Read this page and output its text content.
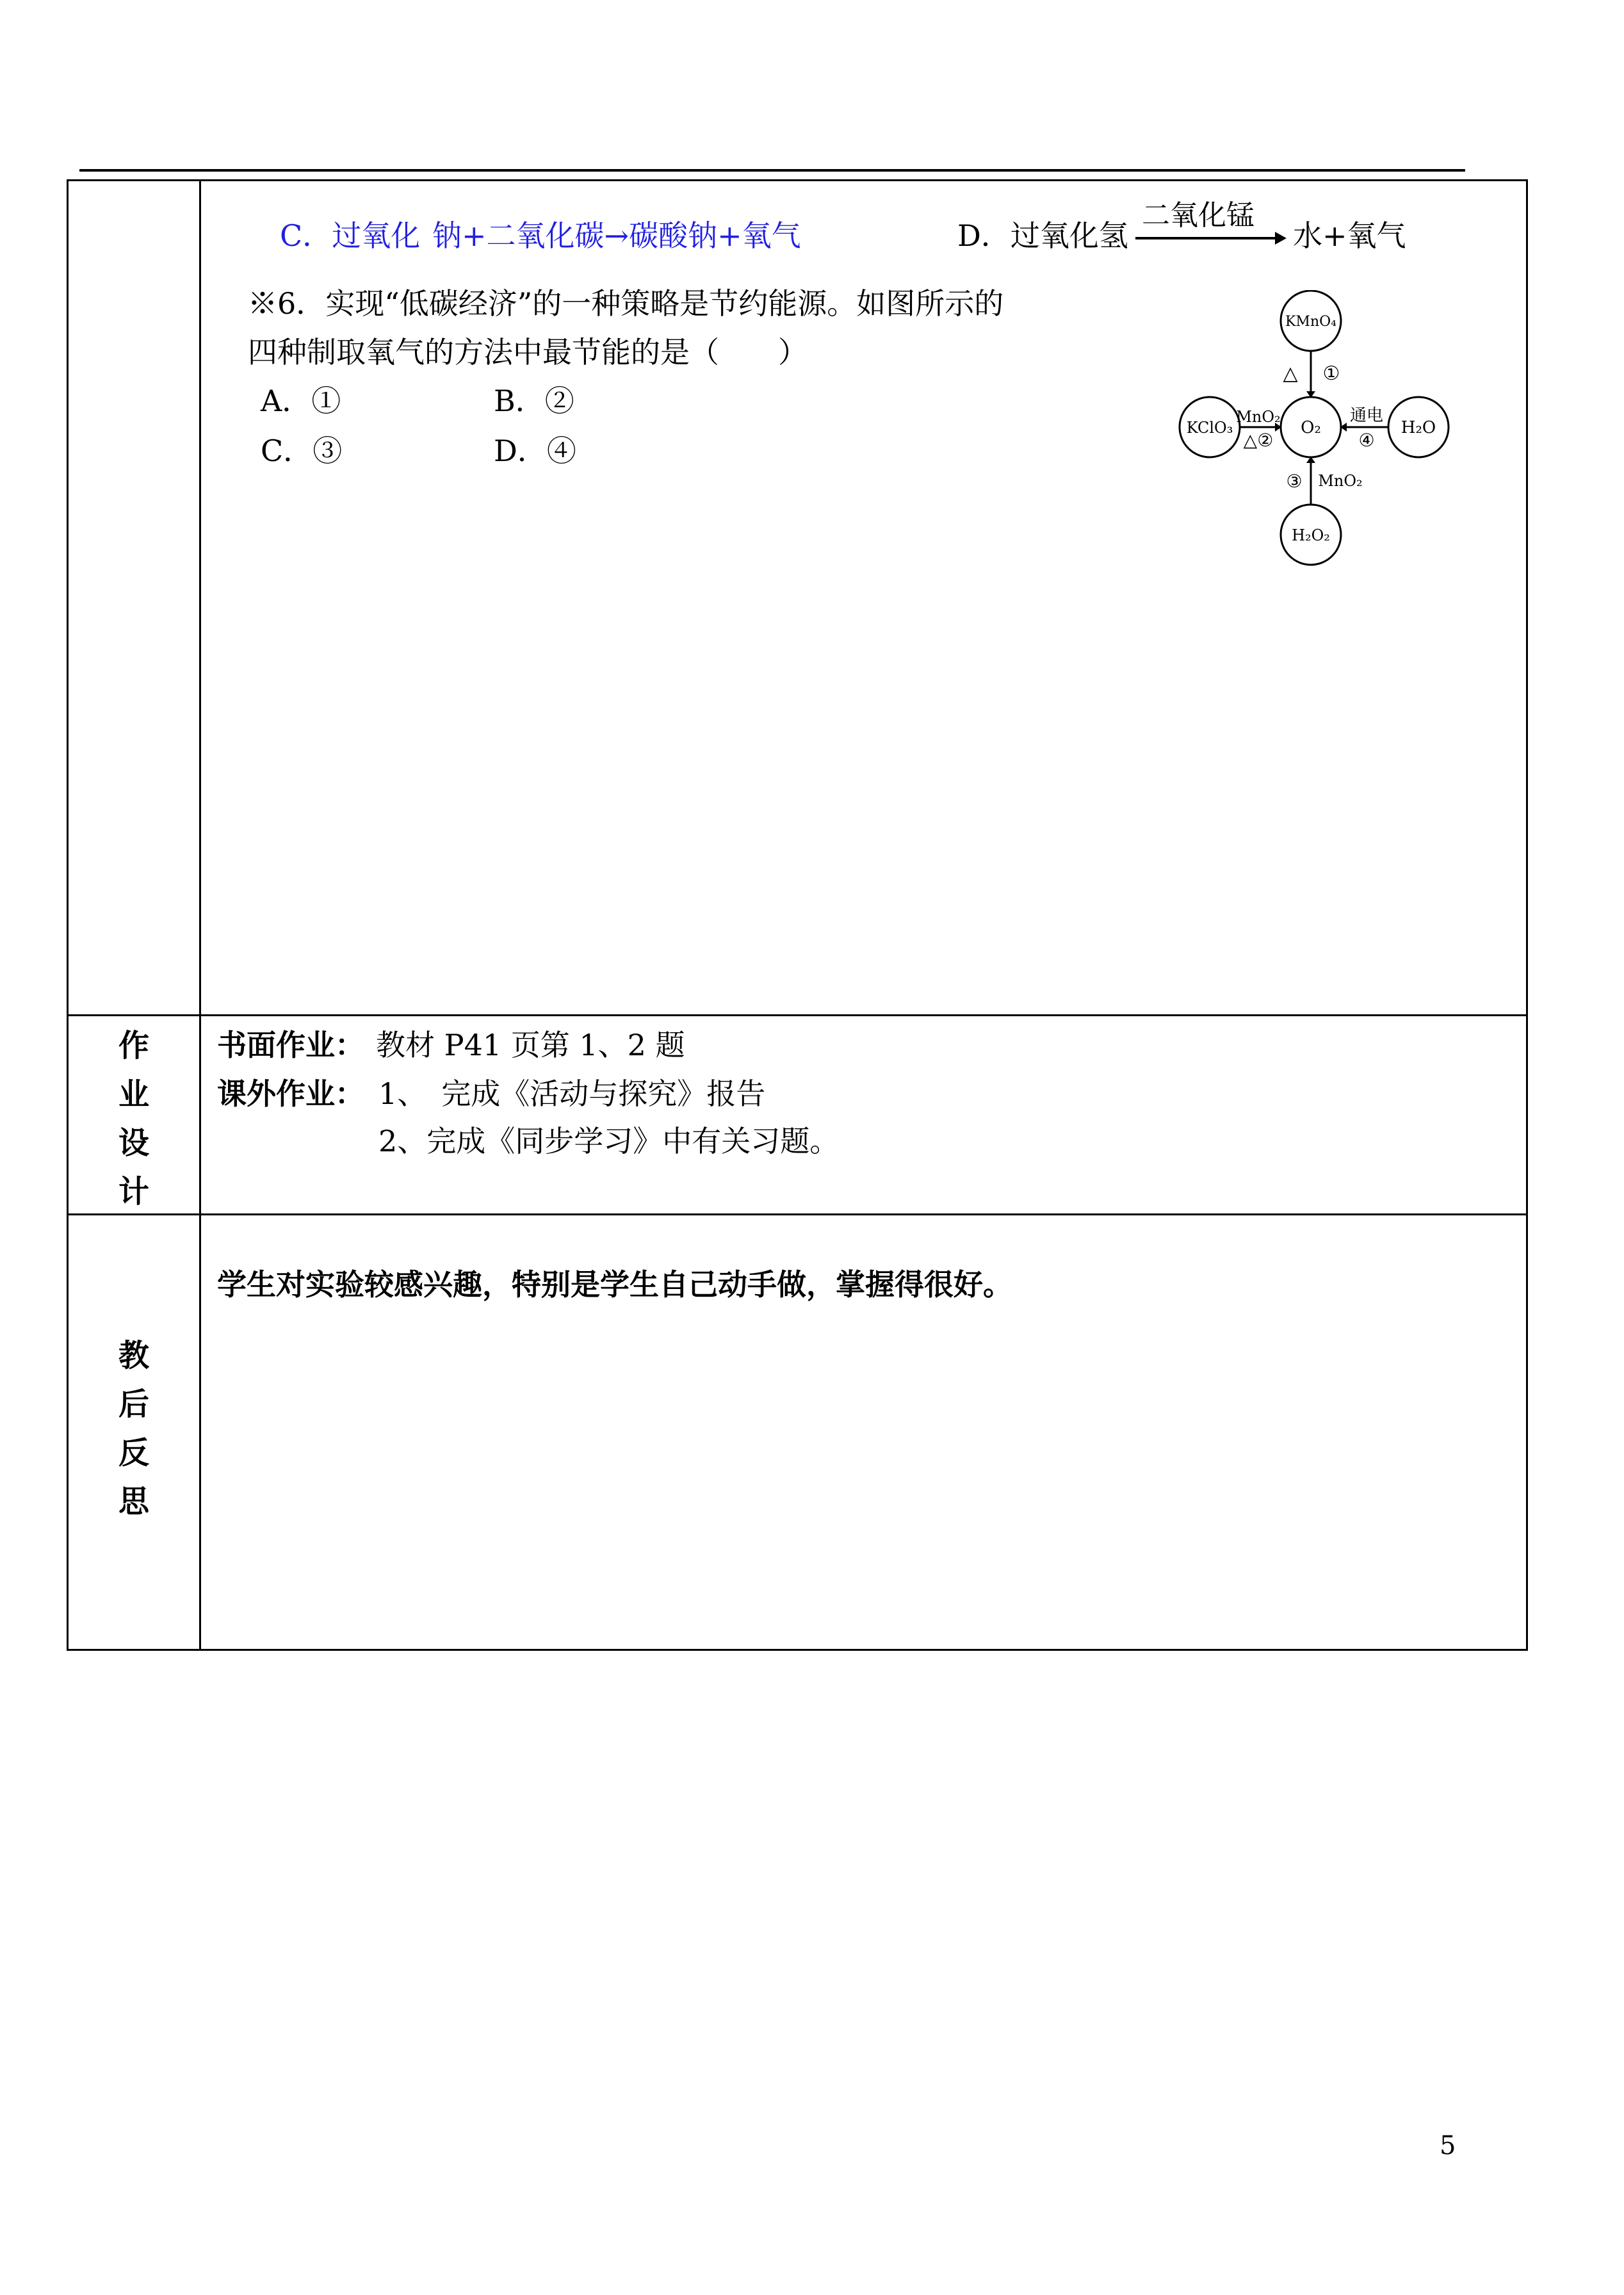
C．过氧化 钠+二氧化碳→碳酸钠+氧气	D．过氧化氢
二氧化锰
水+氧气
※6．实现“低碳经济”的一种策略是节约能源。如图所示的
四种制取氧气的方法中最节能的是（　　）
A．①	B．②
C．③	D．④
KMnO₄
O₂
KClO₃	H₂O
H₂O₂
△ ①
MnO₂
△②
通电
④
③ MnO₂
作
业
设
计
书面作业： 教材 P41 页第 1、2 题
课外作业： 1、　完成《活动与探究》报告
2、完成《同步学习》中有关习题。
教
后
反
思
学生对实验较感兴趣，特别是学生自己动手做，掌握得很好。
5
